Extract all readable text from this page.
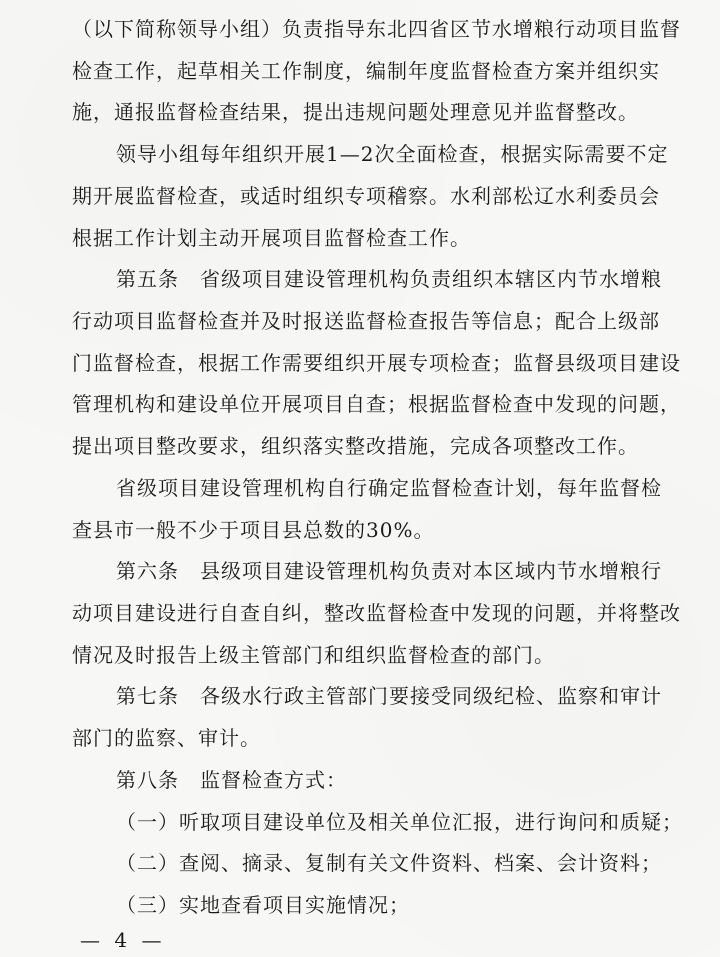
（以下简称领导小组）负责指导东北四省区节水增粮行动项目监督
检查工作，起草相关工作制度，编制年度监督检查方案并组织实
施，通报监督检查结果，提出违规问题处理意见并监督整改。
领导小组每年组织开展1—2次全面检查，根据实际需要不定
期开展监督检查，或适时组织专项稽察。水利部松辽水利委员会
根据工作计划主动开展项目监督检查工作。
第五条　省级项目建设管理机构负责组织本辖区内节水增粮
行动项目监督检查并及时报送监督检查报告等信息；配合上级部
门监督检查，根据工作需要组织开展专项检查；监督县级项目建设
管理机构和建设单位开展项目自查；根据监督检查中发现的问题，
提出项目整改要求，组织落实整改措施，完成各项整改工作。
省级项目建设管理机构自行确定监督检查计划，每年监督检
查县市一般不少于项目县总数的30%。
第六条　县级项目建设管理机构负责对本区域内节水增粮行
动项目建设进行自查自纠，整改监督检查中发现的问题，并将整改
情况及时报告上级主管部门和组织监督检查的部门。
第七条　各级水行政主管部门要接受同级纪检、监察和审计
部门的监察、审计。
第八条　监督检查方式：
（一）听取项目建设单位及相关单位汇报，进行询问和质疑；
（二）查阅、摘录、复制有关文件资料、档案、会计资料；
（三）实地查看项目实施情况；
— 4 —
